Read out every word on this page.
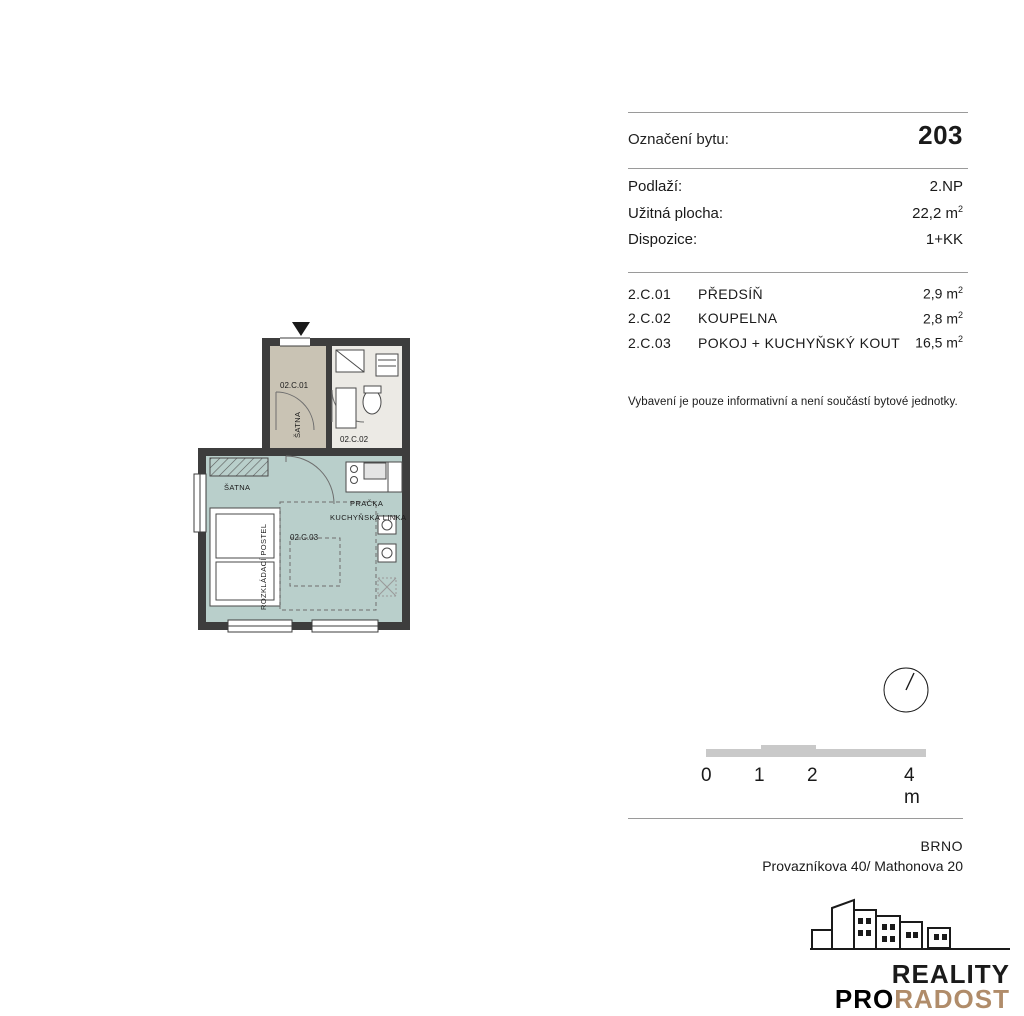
02.C.01
02.C.02
02.C.03
ŠATNA
ŠATNA
PRAČKA
KUCHYŇSKÁ LINKA
ROZKLÁDACÍ POSTEL
Označení bytu:	203
Podlaží:	2.NP
Užitná plocha:	22,2 $m^2$
Dispozice:	1+KK
2.C.01	PŘEDSÍŇ	2,9 $m^2$
2.C.02	KOUPELNA	2,8 $m^2$
2.C.03	POKOJ + KUCHYŇSKÝ KOUT	16,5 $m^2$
Vybavení je pouze informativní a není součástí bytové jednotky.
0 1 2	4 m
BRNO
Provazníkova 40/ Mathonova 20
REALITY
PRORADOST
